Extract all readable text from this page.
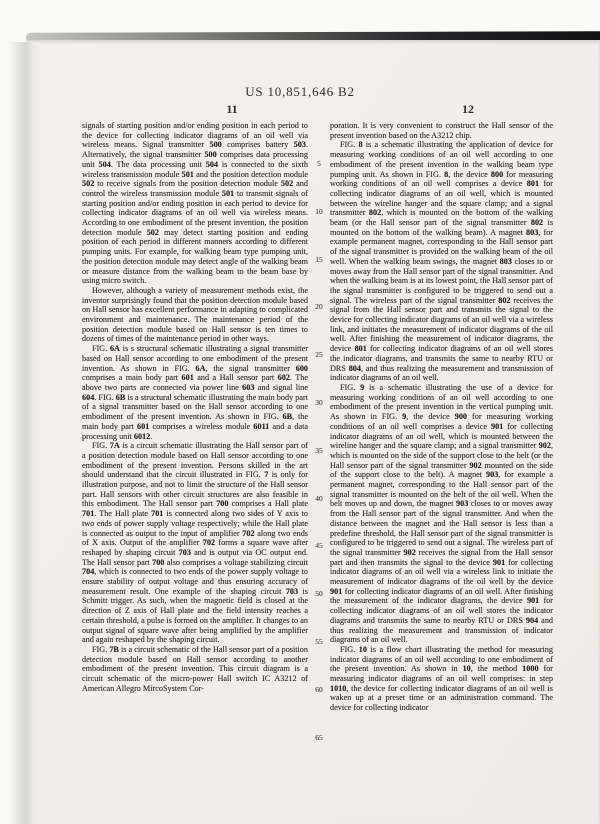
US 10,851,646 B2
11	12

signals of starting position and/or ending position in each period to the device for collecting indicator diagrams of an oil well via wireless means. Signal transmitter 500 comprises battery 503. Alternatively, the signal transmitter 500 comprises data processing unit 504. The data processing unit 504 is connected to the sixth wireless transmission module 501 and the position detection module 502 to receive signals from the position detection module 502 and control the wireless transmission module 501 to transmit signals of starting position and/or ending position in each period to device for collecting indicator diagrams of an oil well via wireless means. According to one embodiment of the present invention, the position detection module 502 may detect starting position and ending position of each period in different manners according to different pumping units. For example, for walking beam type pumping unit, the position detection module may detect angle of the walking beam or measure distance from the walking beam to the beam base by using micro switch.

However, although a variety of measurement methods exist, the inventor surprisingly found that the position detection module based on Hall sensor has excellent performance in adapting to complicated environment and maintenance. The maintenance period of the position detection module based on Hall sensor is ten times to dozens of times of the maintenance period in other ways.

FIG. 6A is s structural schematic illustrating a signal transmitter based on Hall sensor according to one embodiment of the present invention. As shown in FIG. 6A, the signal transmitter 600 comprises a main body part 601 and a Hall sensor part 602. The above two parts are connected via power line 603 and signal line 604. FIG. 6B is a structural schematic illustrating the main body part of a signal transmitter based on the Hall sensor according to one embodiment of the present invention. As shown in FIG. 6B, the main body part 601 comprises a wireless module 6011 and a data processing unit 6012.

FIG. 7A is a circuit schematic illustrating the Hall sensor part of a position detection module based on Hall sensor according to one embodiment of the present invention. Persons skilled in the art should understand that the circuit illustrated in FIG. 7 is only for illustration purpose, and not to limit the structure of the Hall sensor part. Hall sensors with other circuit structures are also feasible in this embodiment. The Hall sensor part 700 comprises a Hall plate 701. The Hall plate 701 is connected along two sides of Y axis to two ends of power supply voltage respectively; while the Hall plate is connected as output to the input of amplifier 702 along two ends of X axis. Output of the amplifier 702 forms a square wave after reshaped by shaping circuit 703 and is output via OC output end. The Hall sensor part 700 also comprises a voltage stabilizing circuit 704, which is connected to two ends of the power supply voltage to ensure stability of output voltage and thus ensuring accuracy of measurement result. One example of the shaping circuit 703 is Schmitt trigger. As such, when the magnetic field is closed at the direction of Z axis of Hall plate and the field intensity reaches a certain threshold, a pulse is formed on the amplifier. It changes to an output signal of square wave after being amplified by the amplifier and again reshaped by the shaping circuit.

FIG. 7B is a circuit schematic of the Hall sensor part of a position detection module based on Hall sensor according to another embodiment of the present invention. This circuit diagram is a circuit schematic of the micro-power Hall switch IC A3212 of American Allegro MircoSystem Cor-

5
10
15
20
25
30
35
40
45
50
55
60
65

poration. It is very convenient to construct the Hall sensor of the present invention based on the A3212 chip.

FIG. 8 is a schematic illustrating the application of device for measuring working conditions of an oil well according to one embodiment of the present invention in the walking beam type pumping unit. As shown in FIG. 8, the device 800 for measuring working conditions of an oil well comprises a device 801 for collecting indicator diagrams of an oil well, which is mounted between the wireline hanger and the square clamp; and a signal transmitter 802, which is mounted on the bottom of the walking beam (or the Hall sensor part of the signal transmitter 802 is mounted on the bottom of the walking beam). A magnet 803, for example permanent magnet, corresponding to the Hall sensor part of the signal transmitter is provided on the walking beam of the oil well. When the walking beam swings, the magnet 803 closes to or moves away from the Hall sensor part of the signal transmitter. And when the walking beam is at its lowest point, the Hall sensor part of the signal transmitter is configured to be triggered to send out a signal. The wireless part of the signal transmitter 802 receives the signal from the Hall sensor part and transmits the signal to the device for collecting indicator diagrams of an oil well via a wireless link, and initiates the measurement of indicator diagrams of the oil well. After finishing the measurement of indicator diagrams, the device 801 for collecting indicator diagrams of an oil well stores the indicator diagrams, and transmits the same to nearby RTU or DRS 804, and thus realizing the measurement and transmission of indicator diagrams of an oil well.

FIG. 9 is a schematic illustrating the use of a device for measuring working conditions of an oil well according to one embodiment of the present invention in the vertical pumping unit. As shown in FIG. 9, the device 900 for measuring working conditions of an oil well comprises a device 901 for collecting indicator diagrams of an oil well, which is mounted between the wireline hanger and the square clamp; and a signal transmitter 902, which is mounted on the side of the support close to the belt (or the Hall sensor part of the signal transmitter 902 mounted on the side of the support close to the belt). A magnet 903, for example a permanent magnet, corresponding to the Hall sensor part of the signal transmitter is mounted on the belt of the oil well. When the belt moves up and down, the magnet 903 closes to or moves away from the Hall sensor part of the signal transmitter. And when the distance between the magnet and the Hall sensor is less than a predefine threshold, the Hall sensor part of the signal transmitter is configured to be triggered to send out a signal. The wireless part of the signal transmitter 902 receives the signal from the Hall sensor part and then transmits the signal to the device 901 for collecting indicator diagrams of an oil well via a wireless link to initiate the measurement of indicator diagrams of the oil well by the device 901 for collecting indicator diagrams of an oil well. After finishing the measurement of the indicator diagrams, the device 901 for collecting indicator diagrams of an oil well stores the indicator diagrams and transmits the same to nearby RTU or DRS 904 and thus realizing the measurement and transmission of indicator diagrams of an oil well.

FIG. 10 is a flow chart illustrating the method for measuring indicator diagrams of an oil well according to one embodiment of the present invention. As shown in 10, the method 1000 for measuring indicator diagrams of an oil well comprises: in step 1010, the device for collecting indicator diagrams of an oil well is waken up at a preset time or an administration command. The device for collecting indicator
